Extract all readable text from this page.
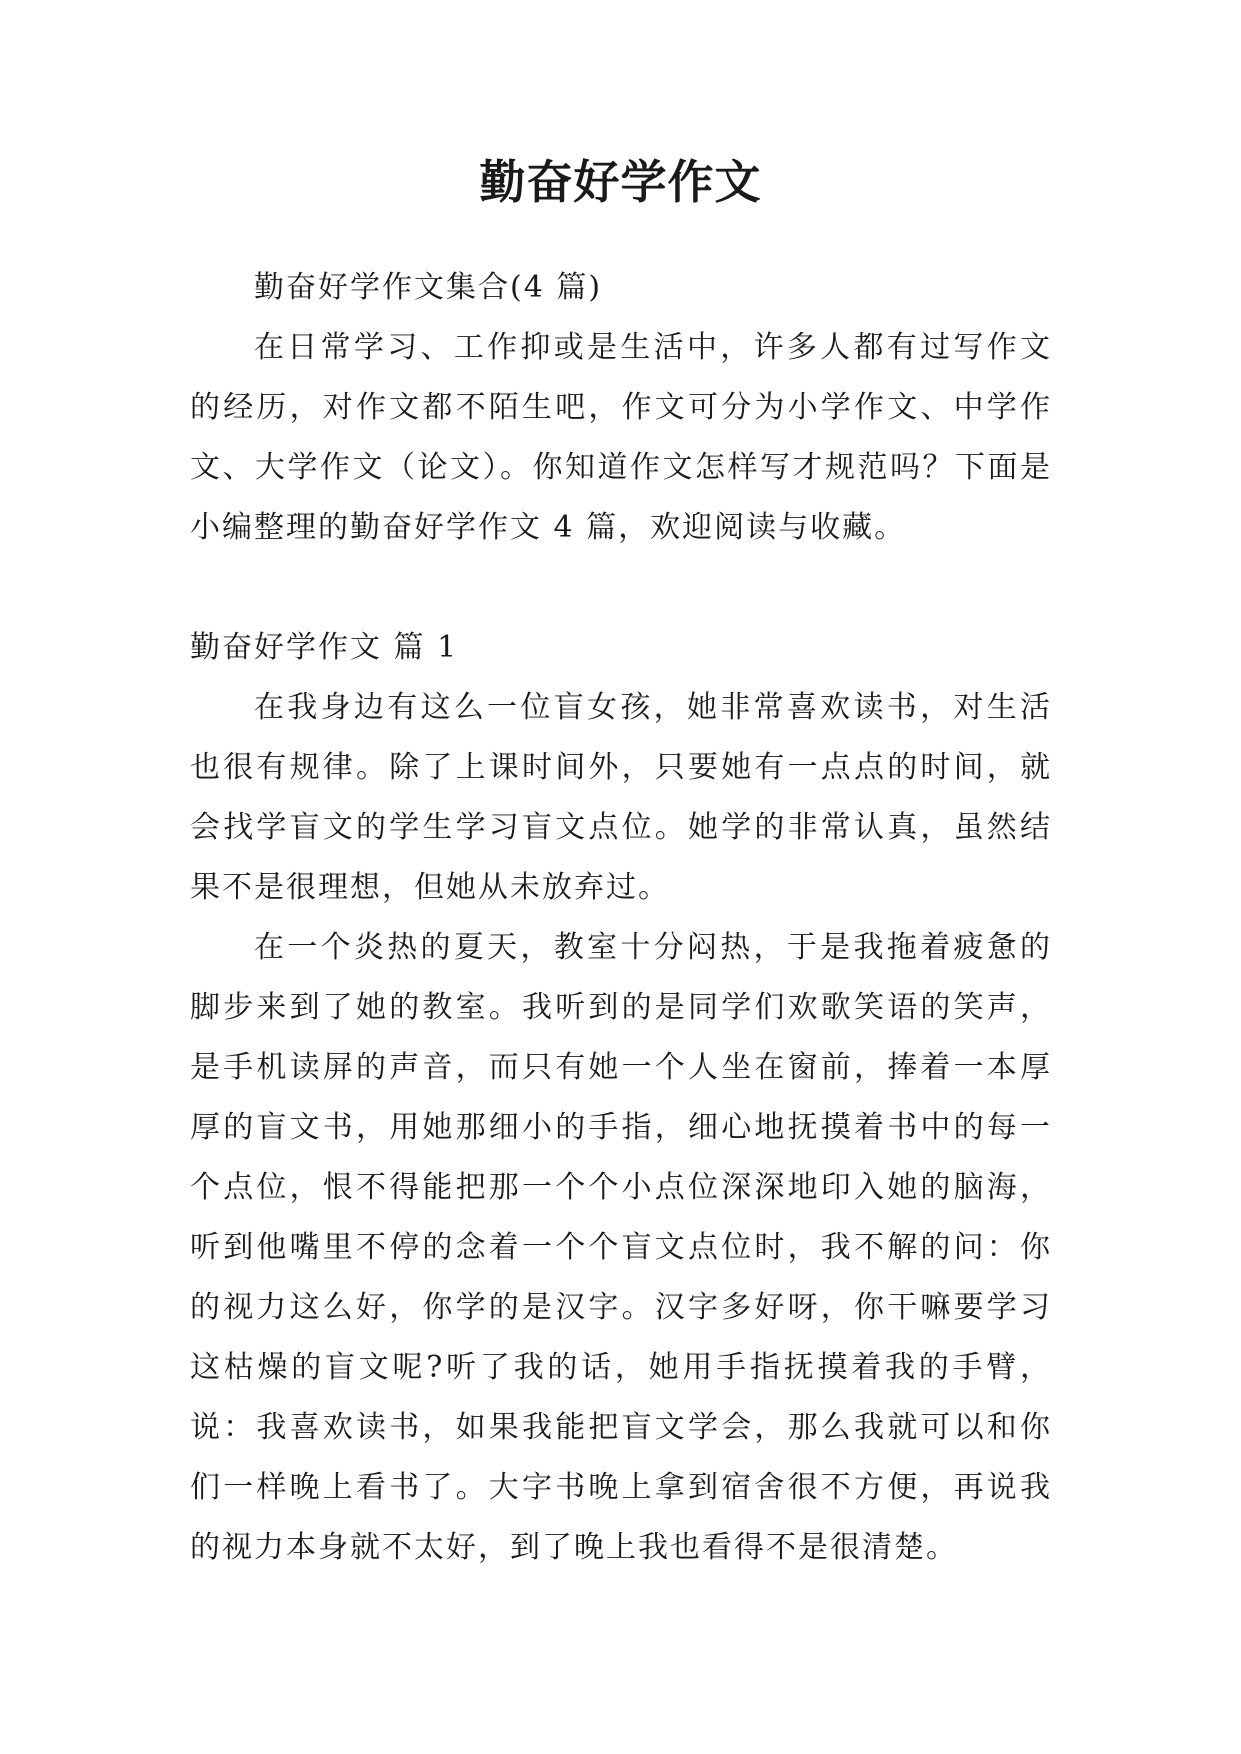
勤奋好学作文

勤奋好学作文集合(4 篇)

在日常学习、工作抑或是生活中，许多人都有过写作文的经历，对作文都不陌生吧，作文可分为小学作文、中学作文、大学作文（论文）。你知道作文怎样写才规范吗？下面是小编整理的勤奋好学作文 4 篇，欢迎阅读与收藏。

勤奋好学作文 篇 1

在我身边有这么一位盲女孩，她非常喜欢读书，对生活也很有规律。除了上课时间外，只要她有一点点的时间，就会找学盲文的学生学习盲文点位。她学的非常认真，虽然结果不是很理想，但她从未放弃过。

在一个炎热的夏天，教室十分闷热，于是我拖着疲惫的脚步来到了她的教室。我听到的是同学们欢歌笑语的笑声，是手机读屏的声音，而只有她一个人坐在窗前，捧着一本厚厚的盲文书，用她那细小的手指，细心地抚摸着书中的每一个点位，恨不得能把那一个个小点位深深地印入她的脑海，听到他嘴里不停的念着一个个盲文点位时，我不解的问：你的视力这么好，你学的是汉字。汉字多好呀，你干嘛要学习这枯燥的盲文呢?听了我的话，她用手指抚摸着我的手臂，说：我喜欢读书，如果我能把盲文学会，那么我就可以和你们一样晚上看书了。大字书晚上拿到宿舍很不方便，再说我的视力本身就不太好，到了晚上我也看得不是很清楚。
